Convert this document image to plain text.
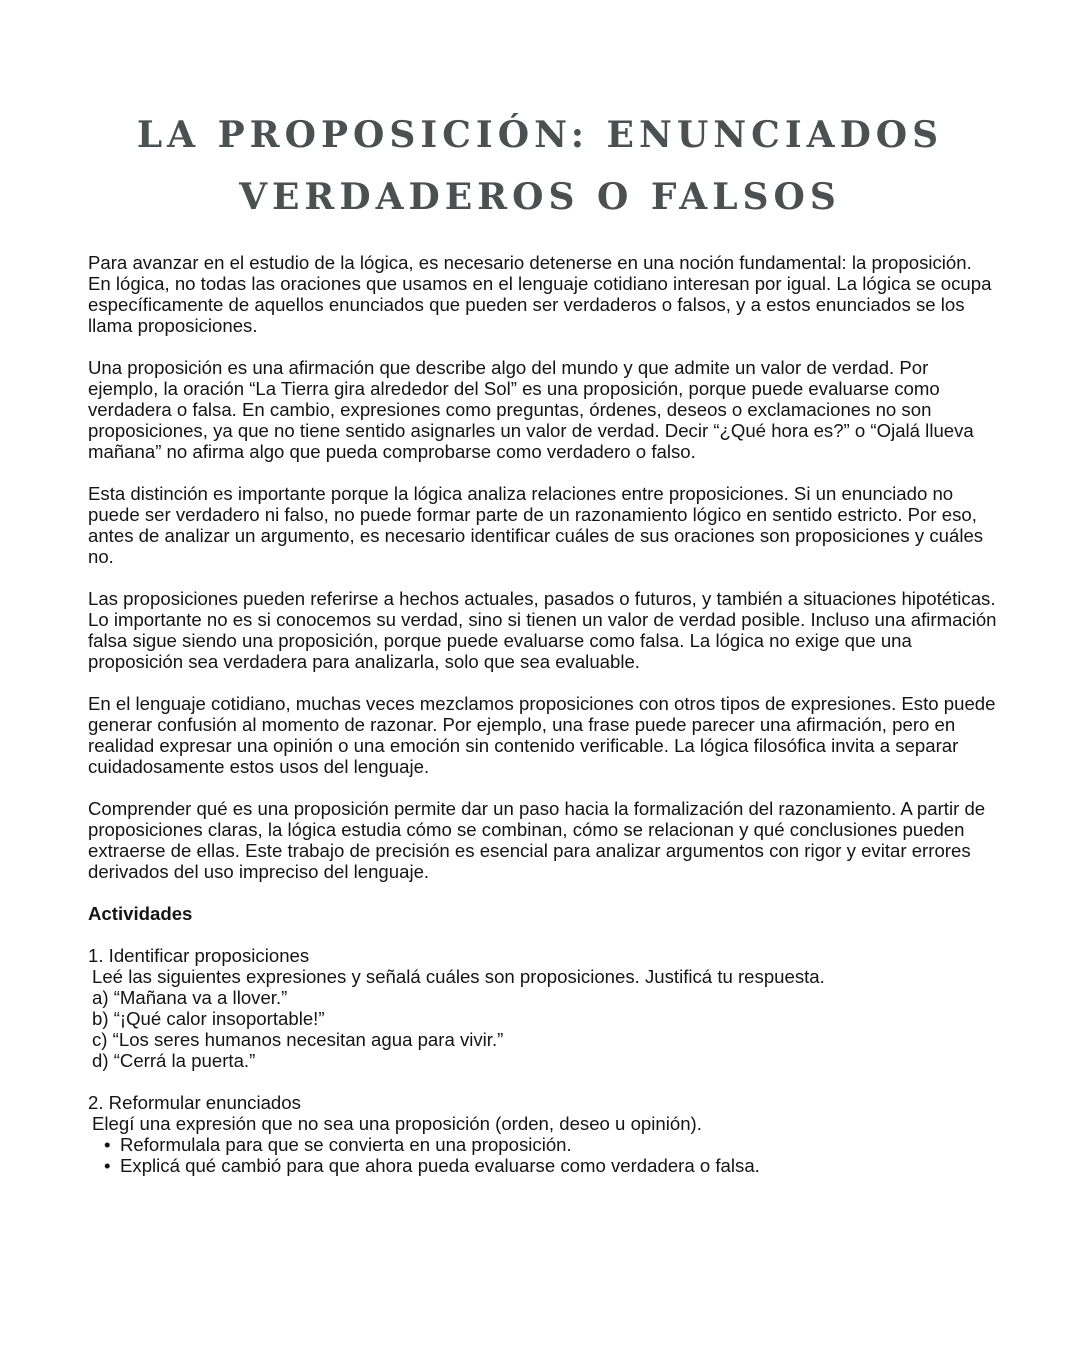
LA PROPOSICIÓN: ENUNCIADOS
VERDADEROS O FALSOS

Para avanzar en el estudio de la lógica, es necesario detenerse en una noción fundamental: la proposición. En lógica, no todas las oraciones que usamos en el lenguaje cotidiano interesan por igual. La lógica se ocupa específicamente de aquellos enunciados que pueden ser verdaderos o falsos, y a estos enunciados se los llama proposiciones.

Una proposición es una afirmación que describe algo del mundo y que admite un valor de verdad. Por ejemplo, la oración “La Tierra gira alrededor del Sol” es una proposición, porque puede evaluarse como verdadera o falsa. En cambio, expresiones como preguntas, órdenes, deseos o exclamaciones no son proposiciones, ya que no tiene sentido asignarles un valor de verdad. Decir “¿Qué hora es?” o “Ojalá llueva mañana” no afirma algo que pueda comprobarse como verdadero o falso.

Esta distinción es importante porque la lógica analiza relaciones entre proposiciones. Si un enunciado no puede ser verdadero ni falso, no puede formar parte de un razonamiento lógico en sentido estricto. Por eso, antes de analizar un argumento, es necesario identificar cuáles de sus oraciones son proposiciones y cuáles no.

Las proposiciones pueden referirse a hechos actuales, pasados o futuros, y también a situaciones hipotéticas. Lo importante no es si conocemos su verdad, sino si tienen un valor de verdad posible. Incluso una afirmación falsa sigue siendo una proposición, porque puede evaluarse como falsa. La lógica no exige que una proposición sea verdadera para analizarla, solo que sea evaluable.

En el lenguaje cotidiano, muchas veces mezclamos proposiciones con otros tipos de expresiones. Esto puede generar confusión al momento de razonar. Por ejemplo, una frase puede parecer una afirmación, pero en realidad expresar una opinión o una emoción sin contenido verificable. La lógica filosófica invita a separar cuidadosamente estos usos del lenguaje.

Comprender qué es una proposición permite dar un paso hacia la formalización del razonamiento. A partir de proposiciones claras, la lógica estudia cómo se combinan, cómo se relacionan y qué conclusiones pueden extraerse de ellas. Este trabajo de precisión es esencial para analizar argumentos con rigor y evitar errores derivados del uso impreciso del lenguaje.

Actividades
1. Identificar proposiciones
Leé las siguientes expresiones y señalá cuáles son proposiciones. Justificá tu respuesta.
a) “Mañana va a llover.”
b) “¡Qué calor insoportable!”
c) “Los seres humanos necesitan agua para vivir.”
d) “Cerrá la puerta.”
2. Reformular enunciados
Elegí una expresión que no sea una proposición (orden, deseo u opinión).
• Reformulala para que se convierta en una proposición.
• Explicá qué cambió para que ahora pueda evaluarse como verdadera o falsa.
